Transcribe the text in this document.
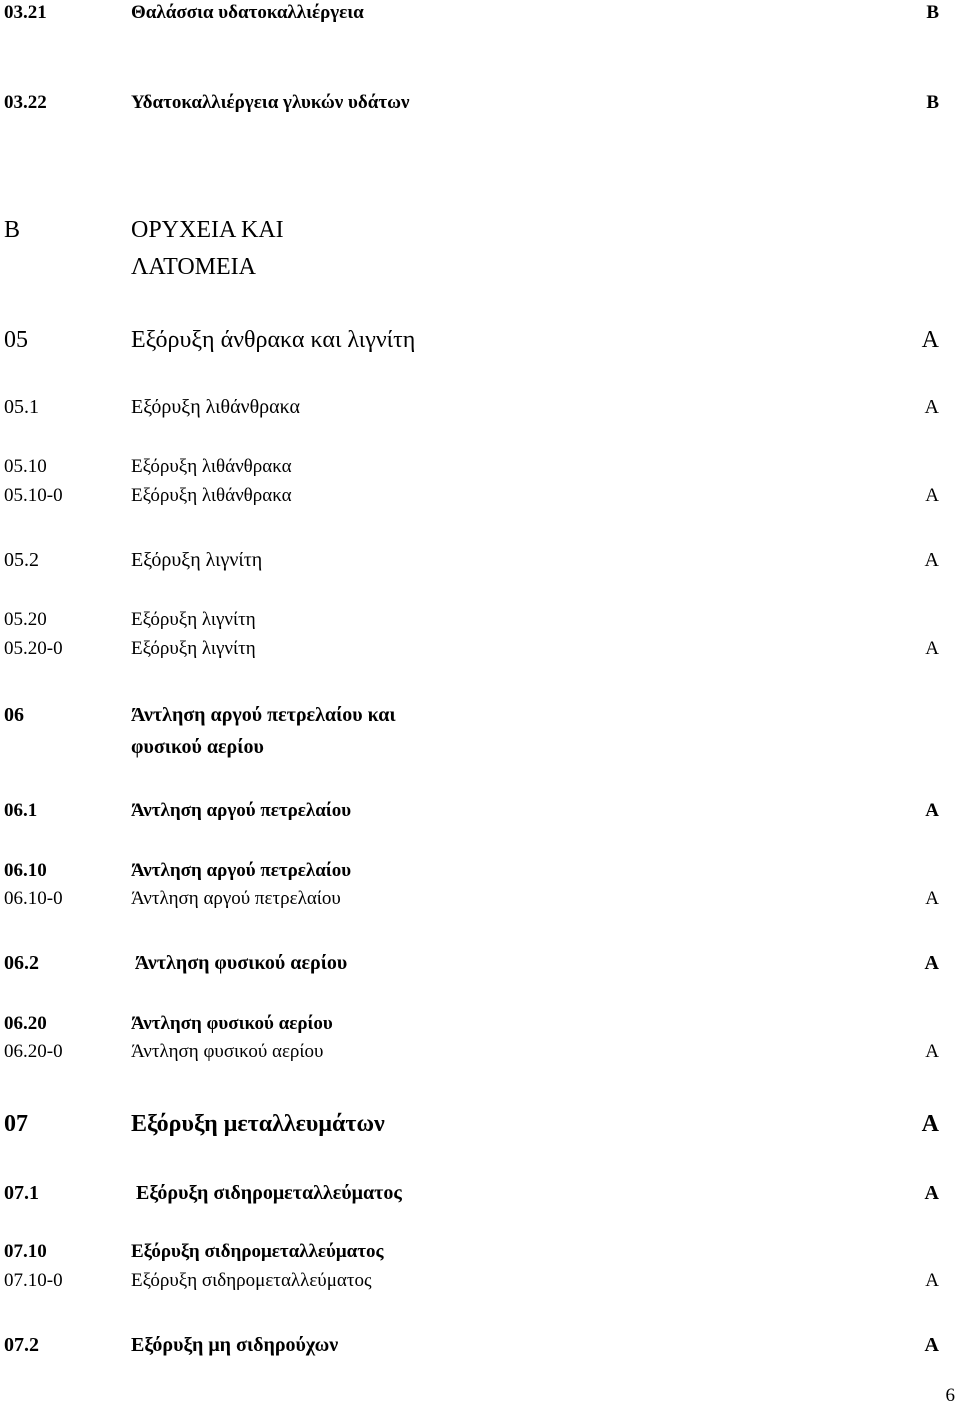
03.21	Θαλάσσια υδατοκαλλιέργεια	Β
03.22	Υδατοκαλλιέργεια γλυκών υδάτων	Β
Β	ΟΡΥΧΕΙΑ ΚΑΙ
ΛΑΤΟΜΕΙΑ
05	Εξόρυξη άνθρακα και λιγνίτη	Α
05.1	Εξόρυξη λιθάνθρακα	Α
05.10	Εξόρυξη λιθάνθρακα
05.10-0	Εξόρυξη λιθάνθρακα	Α
05.2	Εξόρυξη λιγνίτη	Α
05.20	Εξόρυξη λιγνίτη
05.20-0	Εξόρυξη λιγνίτη	Α
06	Άντληση αργού πετρελαίου και
φυσικού αερίου
06.1	Άντληση αργού πετρελαίου	Α
06.10	Άντληση αργού πετρελαίου
06.10-0	Άντληση αργού πετρελαίου	Α
06.2	Άντληση φυσικού αερίου	Α
06.20	Άντληση φυσικού αερίου
06.20-0	Άντληση φυσικού αερίου	Α
07	Εξόρυξη μεταλλευμάτων	Α
07.1	Εξόρυξη σιδηρομεταλλεύματος	Α
07.10	Εξόρυξη σιδηρομεταλλεύματος
07.10-0	Εξόρυξη σιδηρομεταλλεύματος	Α
07.2	Εξόρυξη μη σιδηρούχων	Α
6
